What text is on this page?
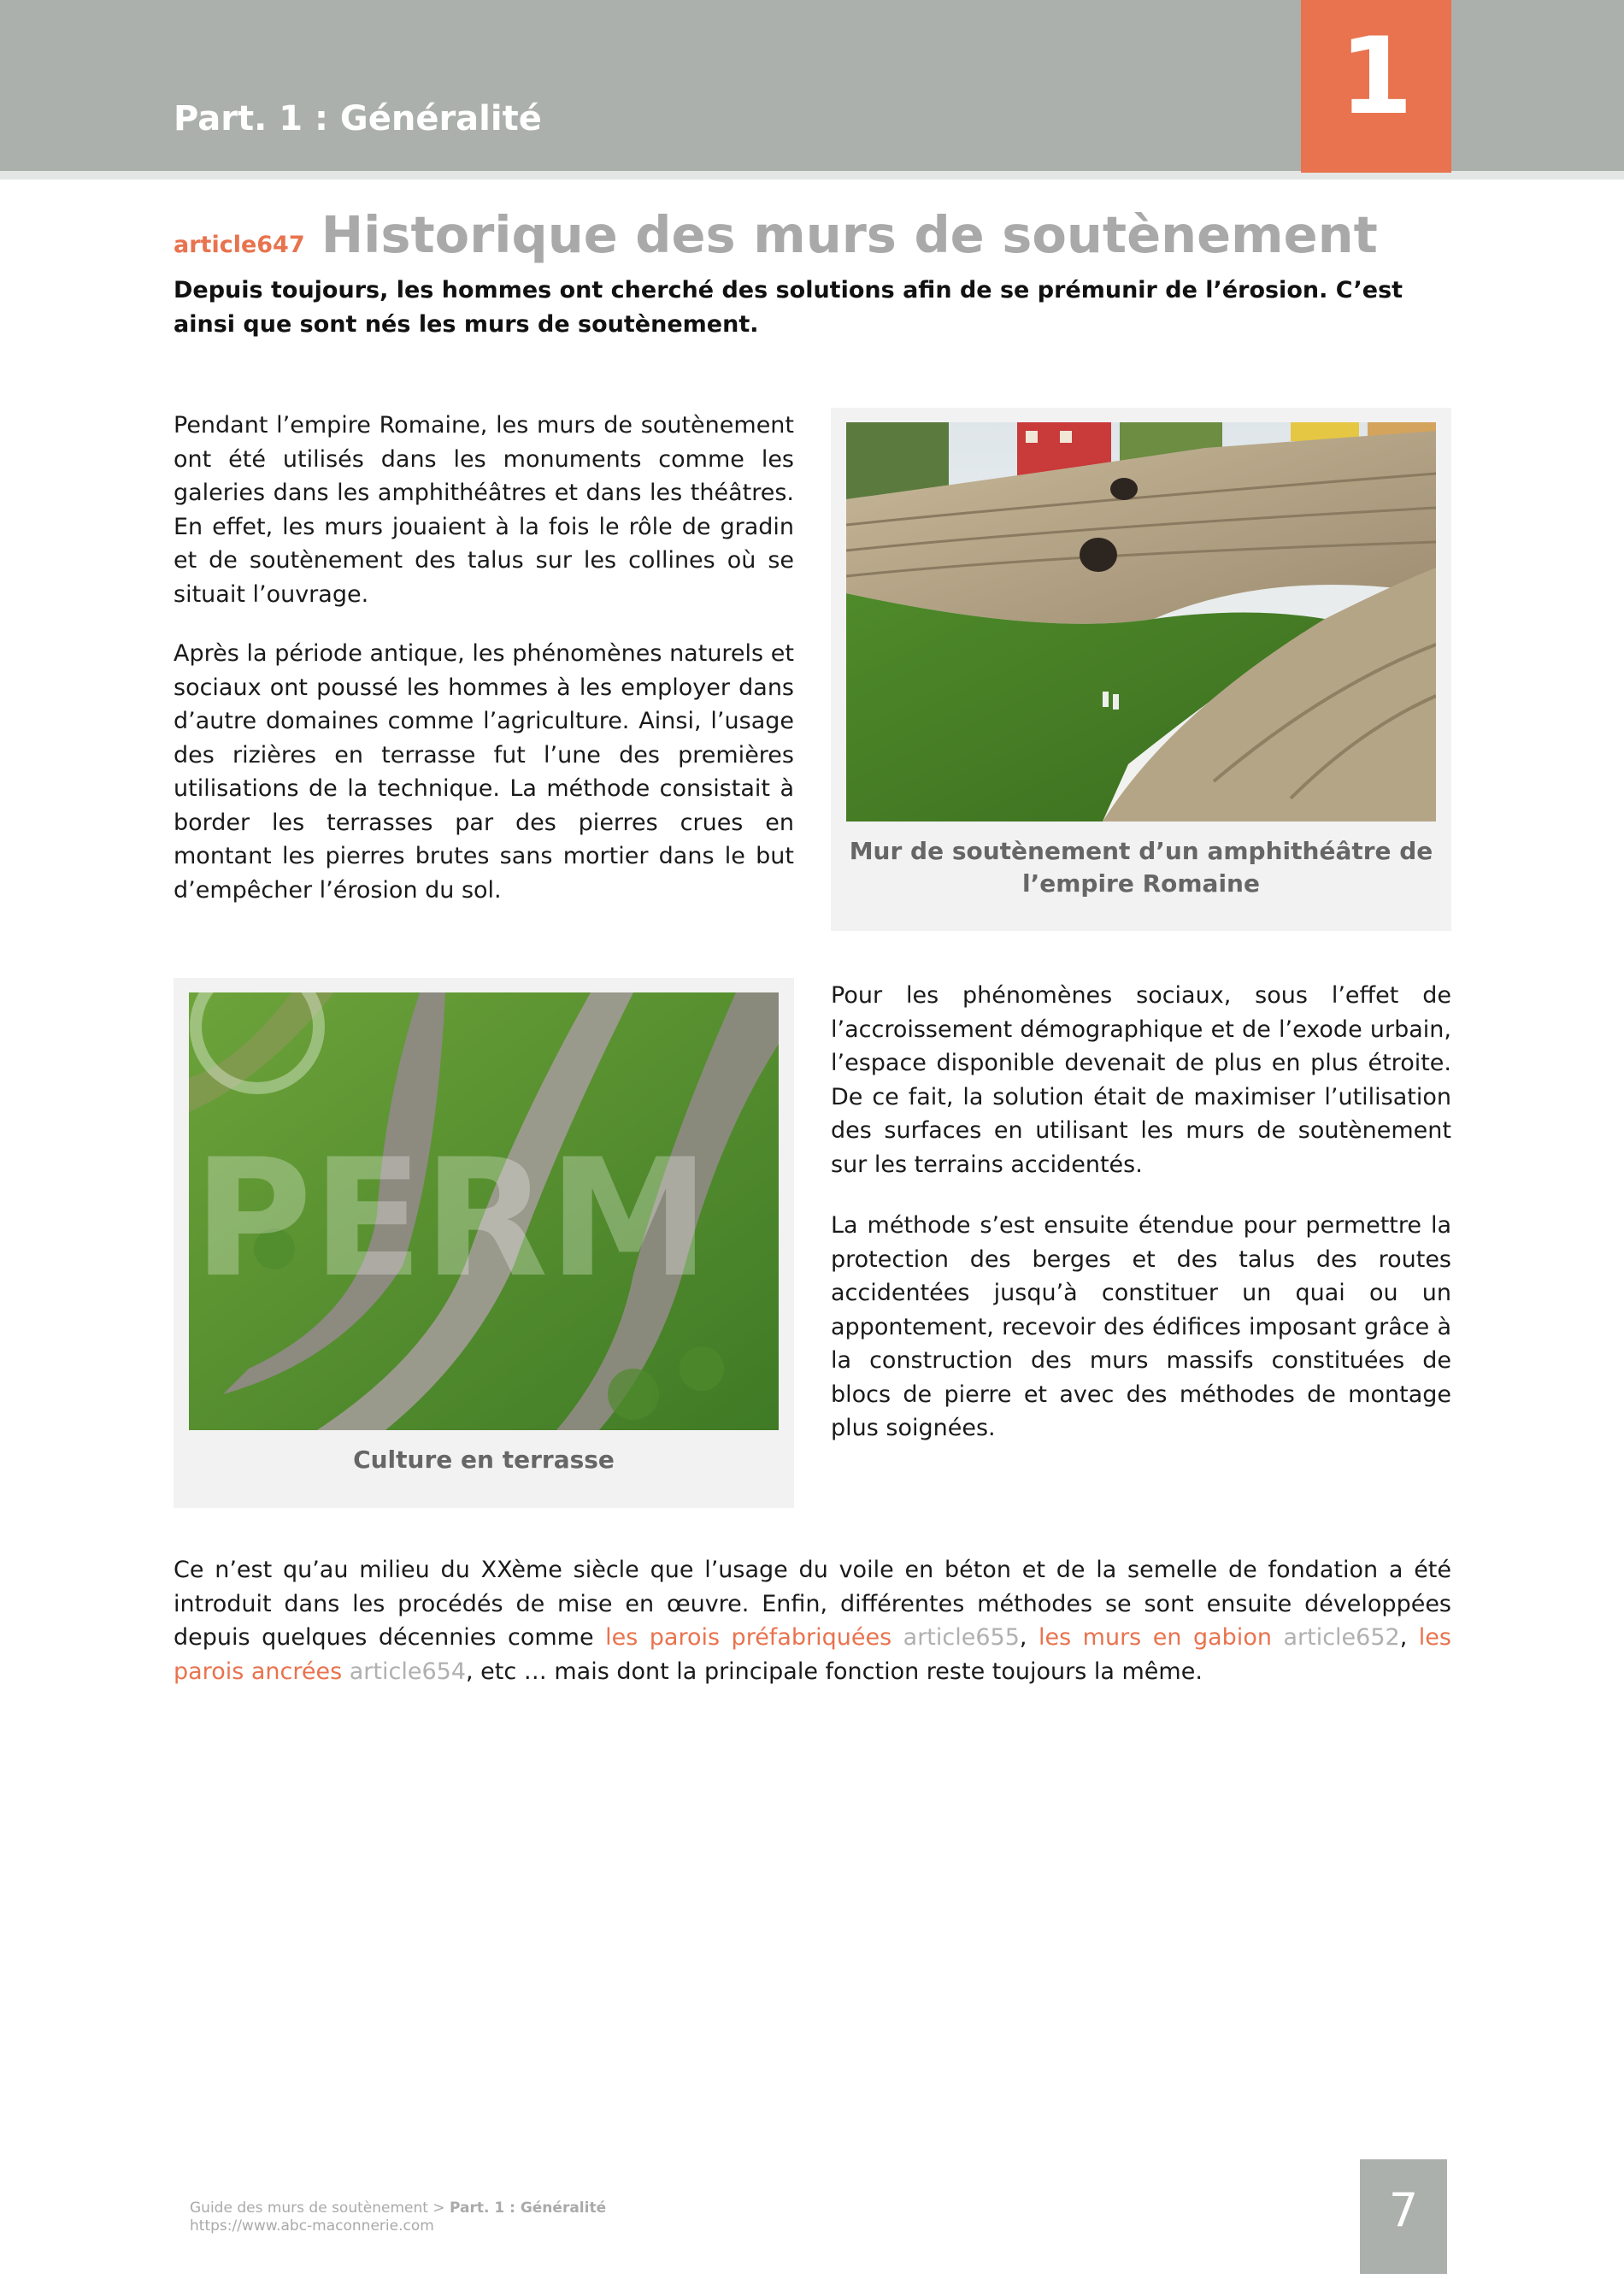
Part. 1 : Généralité	1
article647 Historique des murs de soutènement

Depuis toujours, les hommes ont cherché des solutions afin de se prémunir de l’érosion. C’est ainsi que sont nés les murs de soutènement.

Pendant l’empire Romaine, les murs de soutènement ont été utilisés dans les monuments comme les galeries dans les amphithéâtres et dans les théâtres. En effet, les murs jouaient à la fois le rôle de gradin et de soutènement des talus sur les collines où se situait l’ouvrage.

Après la période antique, les phénomènes naturels et sociaux ont poussé les hommes à les employer dans d’autre domaines comme l’agriculture. Ainsi, l’usage des rizières en terrasse fut l’une des premières utilisations de la technique. La méthode consistait à border les terrasses par des pierres crues en montant les pierres brutes sans mortier dans le but d’empêcher l’érosion du sol.

Mur de soutènement d’un amphithéâtre de l’empire Romaine

PERM

Culture en terrasse

Pour les phénomènes sociaux, sous l’effet de l’accroissement démographique et de l’exode urbain, l’espace disponible devenait de plus en plus étroite. De ce fait, la solution était de maximiser l’utilisation des surfaces en utilisant les murs de soutènement sur les terrains accidentés.

La méthode s’est ensuite étendue pour permettre la protection des berges et des talus des routes accidentées jusqu’à constituer un quai ou un appontement, recevoir des édifices imposant grâce à la construction des murs massifs constituées de blocs de pierre et avec des méthodes de montage plus soignées.

Ce n’est qu’au milieu du XXème siècle que l’usage du voile en béton et de la semelle de fondation a été introduit dans les procédés de mise en œuvre. Enfin, différentes méthodes se sont ensuite développées depuis quelques décennies comme les parois préfabriquées article655, les murs en gabion article652, les parois ancrées article654, etc … mais dont la principale fonction reste toujours la même.

Guide des murs de soutènement > Part. 1 : Généralité
https://www.abc-maconnerie.com	7
